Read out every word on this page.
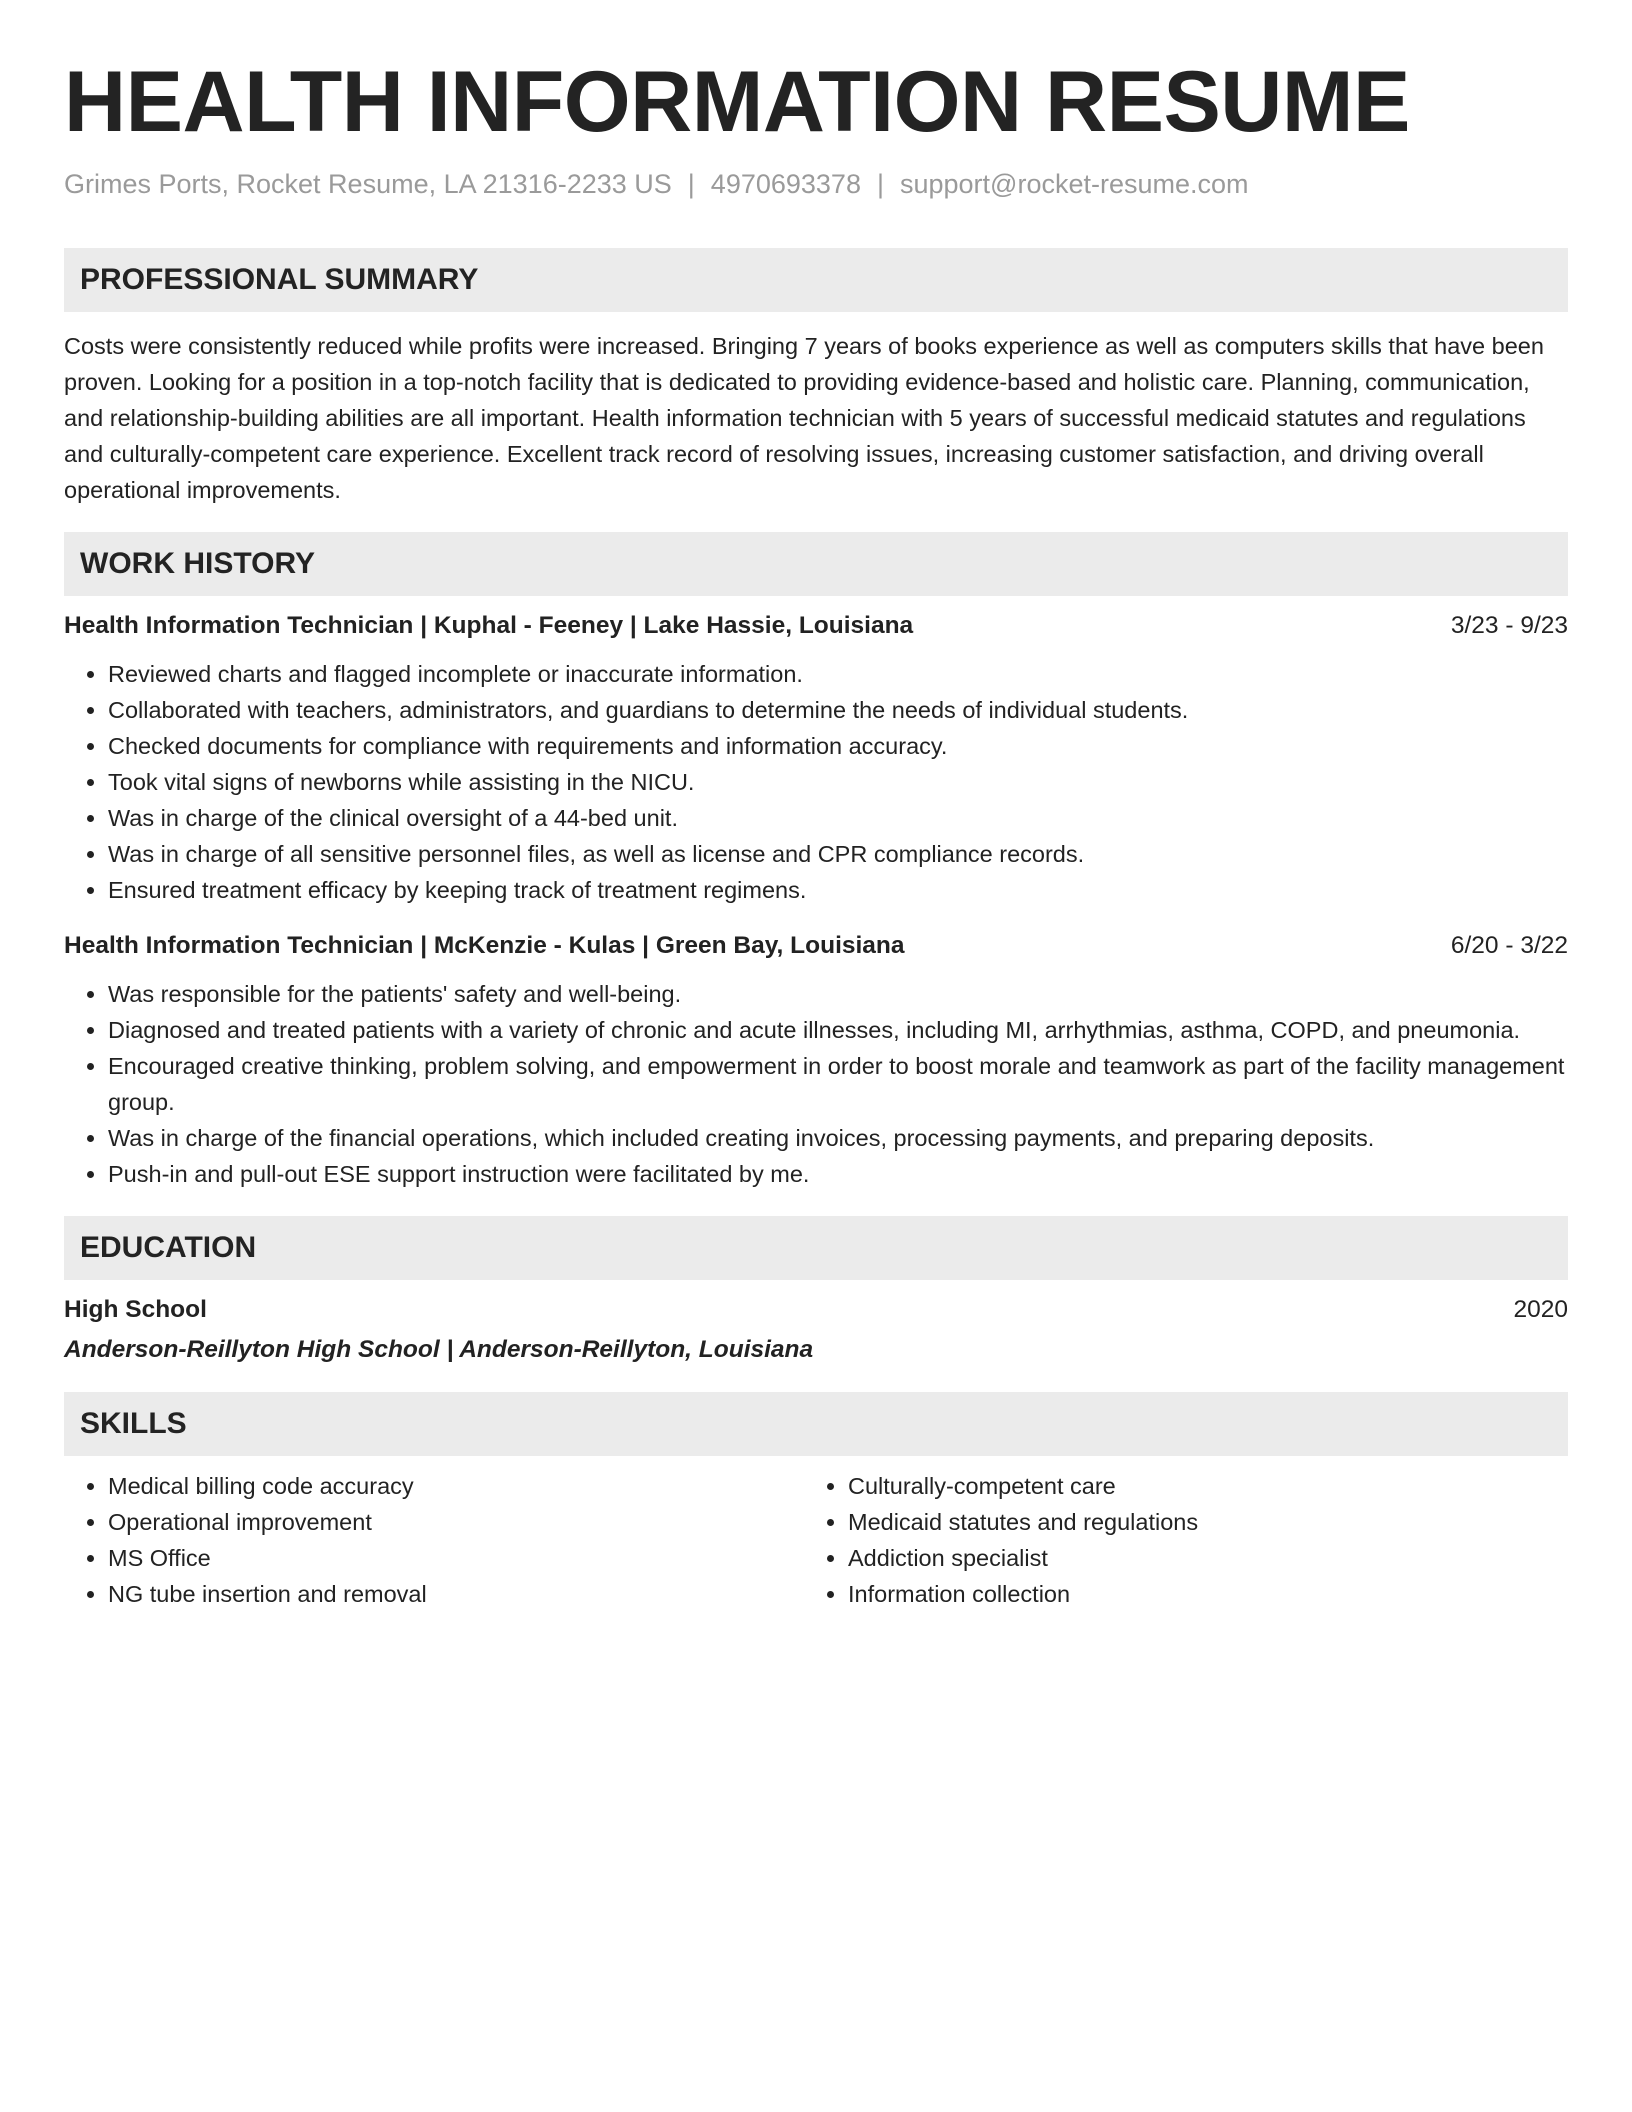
HEALTH INFORMATION RESUME
Grimes Ports, Rocket Resume, LA 21316-2233 US | 4970693378 | support@rocket-resume.com
PROFESSIONAL SUMMARY
Costs were consistently reduced while profits were increased. Bringing 7 years of books experience as well as computers skills that have been proven. Looking for a position in a top-notch facility that is dedicated to providing evidence-based and holistic care. Planning, communication, and relationship-building abilities are all important. Health information technician with 5 years of successful medicaid statutes and regulations and culturally-competent care experience. Excellent track record of resolving issues, increasing customer satisfaction, and driving overall operational improvements.
WORK HISTORY
Health Information Technician | Kuphal - Feeney | Lake Hassie, Louisiana	3/23 - 9/23
• Reviewed charts and flagged incomplete or inaccurate information.
• Collaborated with teachers, administrators, and guardians to determine the needs of individual students.
• Checked documents for compliance with requirements and information accuracy.
• Took vital signs of newborns while assisting in the NICU.
• Was in charge of the clinical oversight of a 44-bed unit.
• Was in charge of all sensitive personnel files, as well as license and CPR compliance records.
• Ensured treatment efficacy by keeping track of treatment regimens.
Health Information Technician | McKenzie - Kulas | Green Bay, Louisiana	6/20 - 3/22
• Was responsible for the patients' safety and well-being.
• Diagnosed and treated patients with a variety of chronic and acute illnesses, including MI, arrhythmias, asthma, COPD, and pneumonia.
• Encouraged creative thinking, problem solving, and empowerment in order to boost morale and teamwork as part of the facility management group.
• Was in charge of the financial operations, which included creating invoices, processing payments, and preparing deposits.
• Push-in and pull-out ESE support instruction were facilitated by me.
EDUCATION
High School	2020
Anderson-Reillyton High School | Anderson-Reillyton, Louisiana
SKILLS
• Medical billing code accuracy
• Operational improvement
• MS Office
• NG tube insertion and removal
• Culturally-competent care
• Medicaid statutes and regulations
• Addiction specialist
• Information collection
